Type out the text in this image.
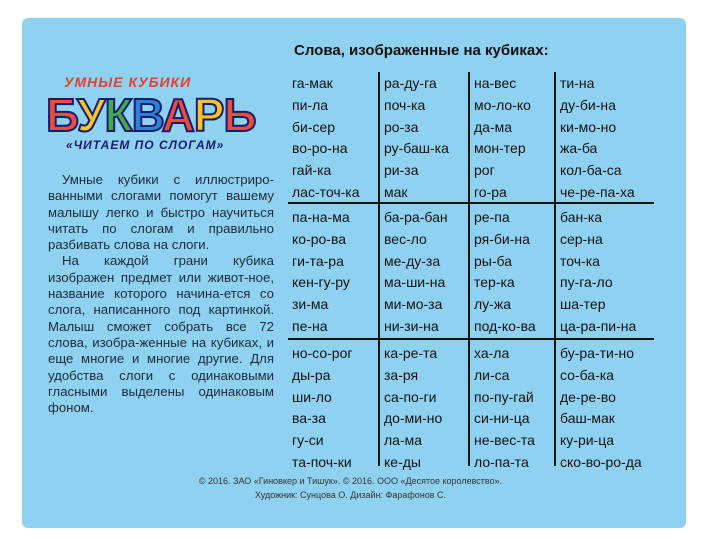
УМНЫЕ КУБИКИ
БУКВАРЬ
«ЧИТАЕМ ПО СЛОГАМ»

Умные кубики с иллюстриро-ванными слогами помогут вашему малышу легко и быстро научиться читать по слогам и правильно разбивать слова на слоги.

На каждой грани кубика изображен предмет или живот-ное, название которого начина-ется со слога, написанного под картинкой. Малыш сможет собрать все 72 слова, изобра-женные на кубиках, и еще многие и многие другие. Для удобства слоги с одинаковыми гласными выделены одинаковым фоном.

Слова, изображенные на кубиках:
га-мак
пи-ла
би-сер
во-ро-на
гай-ка
лас-точ-ка
ра-ду-га
поч-ка
ро-за
ру-баш-ка
ри-за
мак
на-вес
мо-ло-ко
да-ма
мон-тер
рог
го-ра
ти-на
ду-би-на
ки-мо-но
жа-ба
кол-ба-са
че-ре-па-ха
па-на-ма
ко-ро-ва
ги-та-ра
кен-гу-ру
зи-ма
пе-на
ба-ра-бан
вес-ло
ме-ду-за
ма-ши-на
ми-мо-за
ни-зи-на
ре-па
ря-би-на
ры-ба
тер-ка
лу-жа
под-ко-ва
бан-ка
сер-на
точ-ка
пу-га-ло
ша-тер
ца-ра-пи-на
но-со-рог
ды-ра
ши-ло
ва-за
гу-си
та-поч-ки
ка-ре-та
за-ря
са-по-ги
до-ми-но
ла-ма
ке-ды
ха-ла
ли-са
по-пу-гай
си-ни-ца
не-вес-та
ло-па-та
бу-ра-ти-но
со-ба-ка
де-ре-во
баш-мак
ку-ри-ца
ско-во-ро-да
© 2016. ЗАО «Гиновкер и Тишук». © 2016. ООО «Десятое королевство».
Художник: Сунцова О. Дизайн: Фарафонов С.
